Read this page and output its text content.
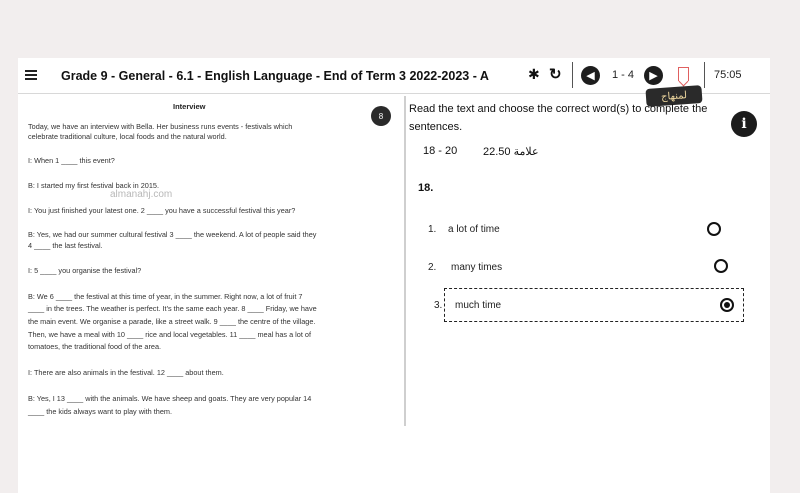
Grade 9 - General - 6.1 - English Language - End of Term 3 2022-2023 - A	✱ ↻	◀	1 - 4	▶	75:05
لمنهاج
Interview
Today, we have an interview with Bella. Her business runs events - festivals which
celebrate traditional culture, local foods and the natural world.
I: When 1 ____ this event?
B: I started my first festival back in 2015.
almanahj.com
I: You just finished your latest one. 2 ____ you have a successful festival this year?
B: Yes, we had our summer cultural festival 3 ____ the weekend. A lot of people said they
4 ____ the last festival.
I: 5 ____ you organise the festival?
B: We 6 ____ the festival at this time of year, in the summer. Right now, a lot of fruit 7
____ in the trees. The weather is perfect. It's the same each year. 8 ____ Friday, we have
the main event. We organise a parade, like a street walk. 9 ____ the centre of the village.
Then, we have a meal with 10 ____ rice and local vegetables. 11 ____ meal has a lot of
tomatoes, the traditional food of the area.
I: There are also animals in the festival. 12 ____ about them.
B: Yes, I 13 ____ with the animals. We have sheep and goats. They are very popular 14
____ the kids always want to play with them.
8
Read the text and choose the correct word(s) to complete the sentences.	i
18 - 20 22.50 علامة
18.
1. a lot of time
2. many times
3. much time
